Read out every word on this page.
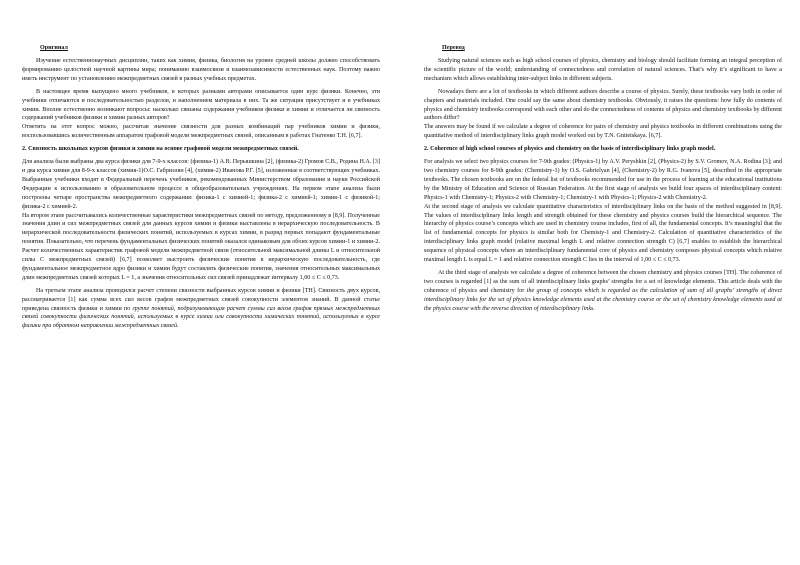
Оригинал

Изучение естественнонаучных дисциплин, таких как химия, физика, биология на уровне средней школы должно способствовать формированию целостной научной картины мира; пониманию взаимосвязи и взаимозависимости естественных наук. Поэтому важно иметь инструмент по установлению межпредметных связей в разных учебных предметах.

В настоящее время выпущено много учебников, в которых разными авторами описывается один курс физики. Конечно, эти учебники отличаются и последовательностью разделов, и наполнением материала в них. Та же ситуация присутствует и в учебниках химии. Вполне естественно возникают вопросы: насколько связаны содержания учебников физики и химии и отличается ли связность содержаний учебников физики и химии разных авторов?

Ответить на этот вопрос можно, рассчитав значение связности для разных комбинаций пар учебников химии и физики, воспользовавшись количественным аппаратом графовой модели межпредметных связей, описанным в работах Гнатенко Т.Н. [6,7].

2. Связность школьных курсов физики и химии на основе графовой модели межпредметных связей.

Для анализа были выбраны два курса физики для 7-9-х классов: (физика-1) А.В. Перышкина [2], (физика-2) Громов С.В., Родина Н.А. [3] и два курса химии для 8-9-х классов (химия-1)О.С. Габриэлян [4], (химия-2) Иванова Р.Г. [5], изложенные в соответствующих учебниках. Выбранные учебники входят в Федеральный перечень учебников, рекомендованных Министерством образования и науки Российской Федерации к использованию в образовательном процессе в общеобразовательных учреждениях. На первом этапе анализа были построены четыре пространства межпредметного содержания: физика-1 с химией-1; физика-2 с химией-1; химия-1 с физикой-1; физика-2 с химией-2.

На втором этапе рассчитывались количественные характеристики межпредметных связей по методу, предложенному в [8,9]. Полученные значения длин и сил межпредметных связей для данных курсов химии и физики выставлены в иерархическую последовательность. В иерархической последовательности физических понятий, используемых в курсах химии, в разряд первых попадают фундаментальные понятия. Показательно, что перечень фундаментальных физических понятий оказался одинаковым для обоих курсов химии-1 и химии-2. Расчет количественных характеристик графовой модели межпредметной связи (относительной максимальной длины L и относительной силы C межпредметных связей) [6,7] позволяет выстроить физические понятия в иерархическую последовательность, где фундаментальное межпредметное ядро физики и химии будут составлять физические понятия, значения относительных максимальных длин межпредметных связей которых L = 1, а значения относительных сил связей принадлежат интервалу 1,00 ≤ C ≤ 0,73.

На третьем этапе анализа проводился расчет степени связности выбранных курсов химии и физики [ТН]. Связность двух курсов, рассматривается [1] как сумма всех сил весов графов межпредметных связей совокупности элементов знаний. В данной статье приведена связность физики и химии по группе понятий, подразумевающая расчет суммы сил весов графов прямых межпредметных связей совокупности физических понятий, используемых в курсе химии или совокупности химических понятий, используемых в курсе физики при обратном направлении межпредметных связей.

Перевод

Studying natural sciences such as high school courses of physics, chemistry and biology should facilitate forming an integral perception of the scientific picture of the world; understanding of connectedness and correlation of natural sciences. That’s why it’s significant to have a mechanism which allows establishing inter-subject links in different subjects.

Nowadays there are a lot of textbooks in which different authors describe a course of physics. Surely, these textbooks vary both in order of chapters and materials included. One could say the same about chemistry textbooks. Obviously, it raises the questions: how fully do contents of physics and chemistry textbooks correspond with each other and do the connectedness of contents of physics and chemistry textbooks by different authors differ?

The answers may be found if we calculate a degree of coherence for pairs of chemistry and physics textbooks in different combinations using the quantitative method of interdisciplinary links graph model worked out by T.N. Gnitetskaya. [6,7].

2. Coherence of high school courses of physics and chemistry on the basis of interdisciplinary links graph model.

For analysis we select two physics courses for 7-9th grades: (Physics-1) by A.V. Peryshkin [2], (Physics-2) by S.V. Gromov, N.A. Rodina [3]; and two chemistry courses for 8-9th grades: (Chemistry-1) by O.S. Gabrielyan [4], (Chemistry-2) by R.G. Ivanova [5], described in the appropriate textbooks. The chosen textbooks are on the federal list of textbooks recommended for use in the process of learning at the educational institutions by the Ministry of Education and Science of Russian Federation. At the first stage of analysis we build four spaces of interdisciplinary content: Physics-1 with Chemistry-1; Physics-2 with Chemistry-1; Chemistry-1 with Physics-1; Physics-2 with Chemistry-2.

At the second stage of analysis we calculate quantitative characteristics of interdisciplinary links on the basis of the method suggested in [8,9]. The values of interdisciplinary links length and strength obtained for these chemistry and physics courses build the hierarchical sequence. The hierarchy of physics course’s concepts which are used in chemistry course includes, first of all, the fundamental concepts. It’s meaningful that the list of fundamental concepts for physics is similar both for Chemisty-1 and Chemistry-2. Calculation of quantitative characteristics of the interdisciplinary links graph model (relative maximal length L and relative connection strength C) [6,7] enables to establish the hierarchical sequence of physical concepts where an interdisciplinary fundamental core of physics and chemistry composes physical concepts which relative maximal length L is equal L = 1 and relative connection strength C lies in the interval of 1,00 ≤ C ≤ 0,73.

At the third stage of analysis we calculate a degree of coherence between the chosen chemistry and physics courses [TH]. The coherence of two courses is regarded [1] as the sum of all interdisciplinary links graphs’ strengths for a set of knowledge elements. This article deals with the coherence of physics and chemistry for the group of concepts which is regarded as the calculation of sum of all graphs’ strengths of direct interdisciplinary links for the set of physics knowledge elements used at the chemistry course or the set of chemistry knowledge elements used at the physics course with the reverse direction of interdisciplinary links.
